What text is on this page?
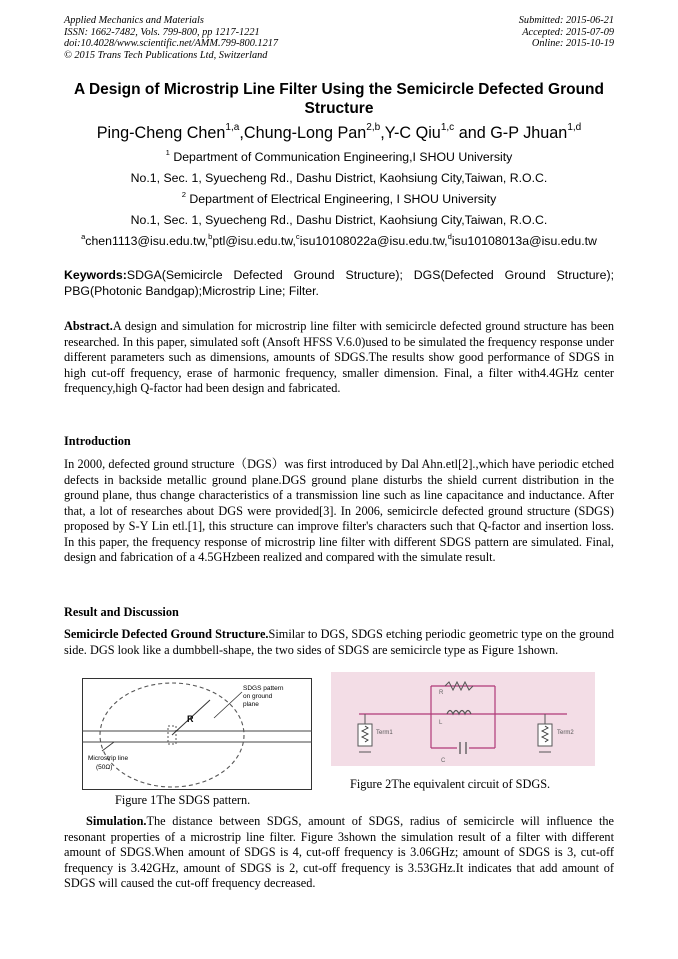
Applied Mechanics and Materials
ISSN: 1662-7482, Vols. 799-800, pp 1217-1221
doi:10.4028/www.scientific.net/AMM.799-800.1217
© 2015 Trans Tech Publications Ltd, Switzerland
Submitted: 2015-06-21
Accepted: 2015-07-09
Online: 2015-10-19
A Design of Microstrip Line Filter Using the Semicircle Defected Ground Structure
Ping-Cheng Chen$^{1,a}$,Chung-Long Pan$^{2,b}$,Y-C Qiu$^{1,c}$ and G-P Jhuan$^{1,d}$
$^1$ Department of Communication Engineering,I SHOU University
No.1, Sec. 1, Syuecheng Rd., Dashu District, Kaohsiung City,Taiwan, R.O.C.
$^2$ Department of Electrical Engineering, I SHOU University
No.1, Sec. 1, Syuecheng Rd., Dashu District, Kaohsiung City,Taiwan, R.O.C.
$^a$chen1113@isu.edu.tw,$^b$ptl@isu.edu.tw,$^c$isu10108022a@isu.edu.tw,$^d$isu10108013a@isu.edu.tw
Keywords:SDGA(Semicircle Defected Ground Structure); DGS(Defected Ground Structure); PBG(Photonic Bandgap);Microstrip Line; Filter.

Abstract.A design and simulation for microstrip line filter with semicircle defected ground structure has been researched. In this paper, simulated soft (Ansoft HFSS V.6.0)used to be simulated the frequency response under different parameters such as dimensions, amounts of SDGS.The results show good performance of SDGS in high cut-off frequency, erase of harmonic frequency, smaller dimension. Final, a filter with4.4GHz center frequency,high Q-factor had been design and fabricated.

Introduction

In 2000, defected ground structure（DGS）was first introduced by Dal Ahn.etl[2].,which have periodic etched defects in backside metallic ground plane.DGS ground plane disturbs the shield current distribution in the ground plane, thus change characteristics of a transmission line such as line capacitance and inductance. After that, a lot of researches about DGS were provided[3]. In 2006, semicircle defected ground structure (SDGS) proposed by S-Y Lin etl.[1], this structure can improve filter's characters such that Q-factor and insertion loss. In this paper, the frequency response of microstrip line filter with different SDGS pattern are simulated. Final, design and fabrication of a 4.5GHzbeen realized and compared with the simulate result.

Result and Discussion

Semicircle Defected Ground Structure.Similar to DGS, SDGS etching periodic geometric type on the ground side. DGS look like a dumbbell-shape, the two sides of SDGS are semicircle type as Figure 1shown.

R
SDGS pattern
on ground
plane
Microstrip line
(50Ω)
Figure 1The SDGS pattern.
R
L
C
Term1	Term2
Figure 2The equivalent circuit of SDGS.

Simulation.The distance between SDGS, amount of SDGS, radius of semicircle will influence the resonant properties of a microstrip line filter. Figure 3shown the simulation result of a filter with different amount of SDGS.When amount of SDGS is 4, cut-off frequency is 3.06GHz; amount of SDGS is 3, cut-off frequency is 3.42GHz, amount of SDGS is 2, cut-off frequency is 3.53GHz.It indicates that add amount of SDGS will caused the cut-off frequency decreased.
